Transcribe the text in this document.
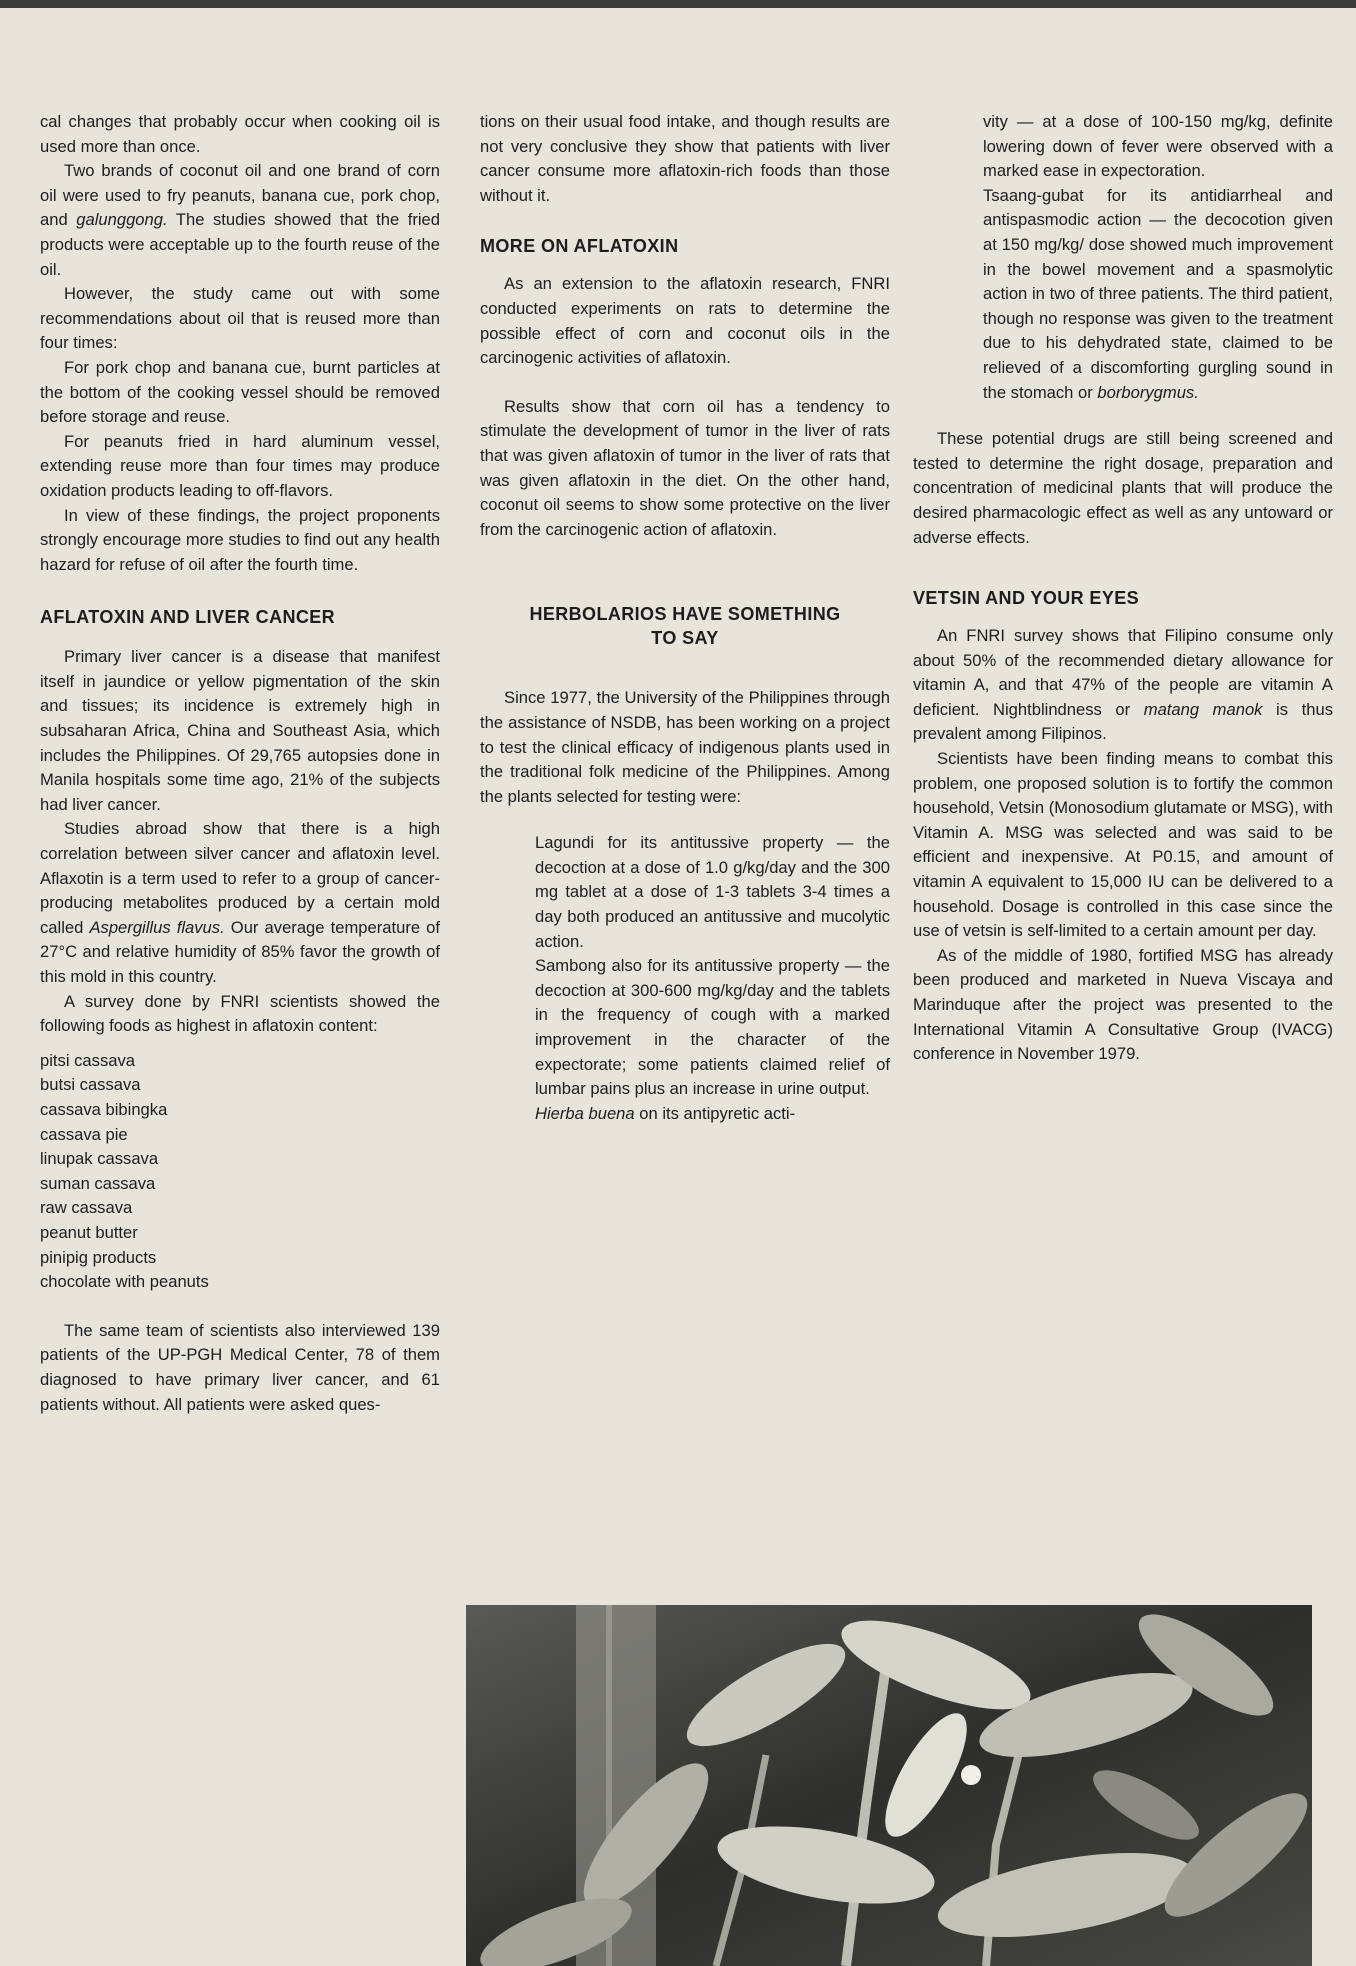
cal changes that probably occur when cooking oil is used more than once.

Two brands of coconut oil and one brand of corn oil were used to fry peanuts, banana cue, pork chop, and galunggong. The studies showed that the fried products were acceptable up to the fourth reuse of the oil.

However, the study came out with some recommendations about oil that is reused more than four times:

For pork chop and banana cue, burnt particles at the bottom of the cooking vessel should be removed before storage and reuse.

For peanuts fried in hard aluminum vessel, extending reuse more than four times may produce oxidation products leading to off-flavors.

In view of these findings, the project proponents strongly encourage more studies to find out any health hazard for refuse of oil after the fourth time.

AFLATOXIN AND LIVER CANCER

Primary liver cancer is a disease that manifest itself in jaundice or yellow pigmentation of the skin and tissues; its incidence is extremely high in subsaharan Africa, China and Southeast Asia, which includes the Philippines. Of 29,765 autopsies done in Manila hospitals some time ago, 21% of the subjects had liver cancer.

Studies abroad show that there is a high correlation between silver cancer and aflatoxin level. Aflaxotin is a term used to refer to a group of cancer-producing metabolites produced by a certain mold called Aspergillus flavus. Our average temperature of 27°C and relative humidity of 85% favor the growth of this mold in this country.

A survey done by FNRI scientists showed the following foods as highest in aflatoxin content:

pitsi cassava
butsi cassava
cassava bibingka
cassava pie
linupak cassava
suman cassava
raw cassava
peanut butter
pinipig products
chocolate with peanuts

The same team of scientists also interviewed 139 patients of the UP-PGH Medical Center, 78 of them diagnosed to have primary liver cancer, and 61 patients without. All patients were asked ques-

tions on their usual food intake, and though results are not very conclusive they show that patients with liver cancer consume more aflatoxin-rich foods than those without it.

MORE ON AFLATOXIN

As an extension to the aflatoxin research, FNRI conducted experiments on rats to determine the possible effect of corn and coconut oils in the carcinogenic activities of aflatoxin.

Results show that corn oil has a tendency to stimulate the development of tumor in the liver of rats that was given aflatoxin of tumor in the liver of rats that was given aflatoxin in the diet. On the other hand, coconut oil seems to show some protective on the liver from the carcinogenic action of aflatoxin.

HERBOLARIOS HAVE SOMETHING
TO SAY

Since 1977, the University of the Philippines through the assistance of NSDB, has been working on a project to test the clinical efficacy of indigenous plants used in the traditional folk medicine of the Philippines. Among the plants selected for testing were:

Lagundi for its antitussive property — the decoction at a dose of 1.0 g/kg/day and the 300 mg tablet at a dose of 1-3 tablets 3-4 times a day both produced an antitussive and mucolytic action.

Sambong also for its antitussive property — the decoction at 300-600 mg/kg/day and the tablets in the frequency of cough with a marked improvement in the character of the expectorate; some patients claimed relief of lumbar pains plus an increase in urine output.

Hierba buena on its antipyretic acti-

vity — at a dose of 100-150 mg/kg, definite lowering down of fever were observed with a marked ease in expectoration.

Tsaang-gubat for its antidiarrheal and antispasmodic action — the decocotion given at 150 mg/kg/ dose showed much improvement in the bowel movement and a spasmolytic action in two of three patients. The third patient, though no response was given to the treatment due to his dehydrated state, claimed to be relieved of a discomforting gurgling sound in the stomach or borborygmus.

These potential drugs are still being screened and tested to determine the right dosage, preparation and concentration of medicinal plants that will produce the desired pharmacologic effect as well as any untoward or adverse effects.

VETSIN AND YOUR EYES

An FNRI survey shows that Filipino consume only about 50% of the recommended dietary allowance for vitamin A, and that 47% of the people are vitamin A deficient. Nightblindness or matang manok is thus prevalent among Filipinos.

Scientists have been finding means to combat this problem, one proposed solution is to fortify the common household, Vetsin (Monosodium glutamate or MSG), with Vitamin A. MSG was selected and was said to be efficient and inexpensive. At P0.15, and amount of vitamin A equivalent to 15,000 IU can be delivered to a household. Dosage is controlled in this case since the use of vetsin is self-limited to a certain amount per day.

As of the middle of 1980, fortified MSG has already been produced and marketed in Nueva Viscaya and Marinduque after the project was presented to the International Vitamin A Consultative Group (IVACG) conference in November 1979.
